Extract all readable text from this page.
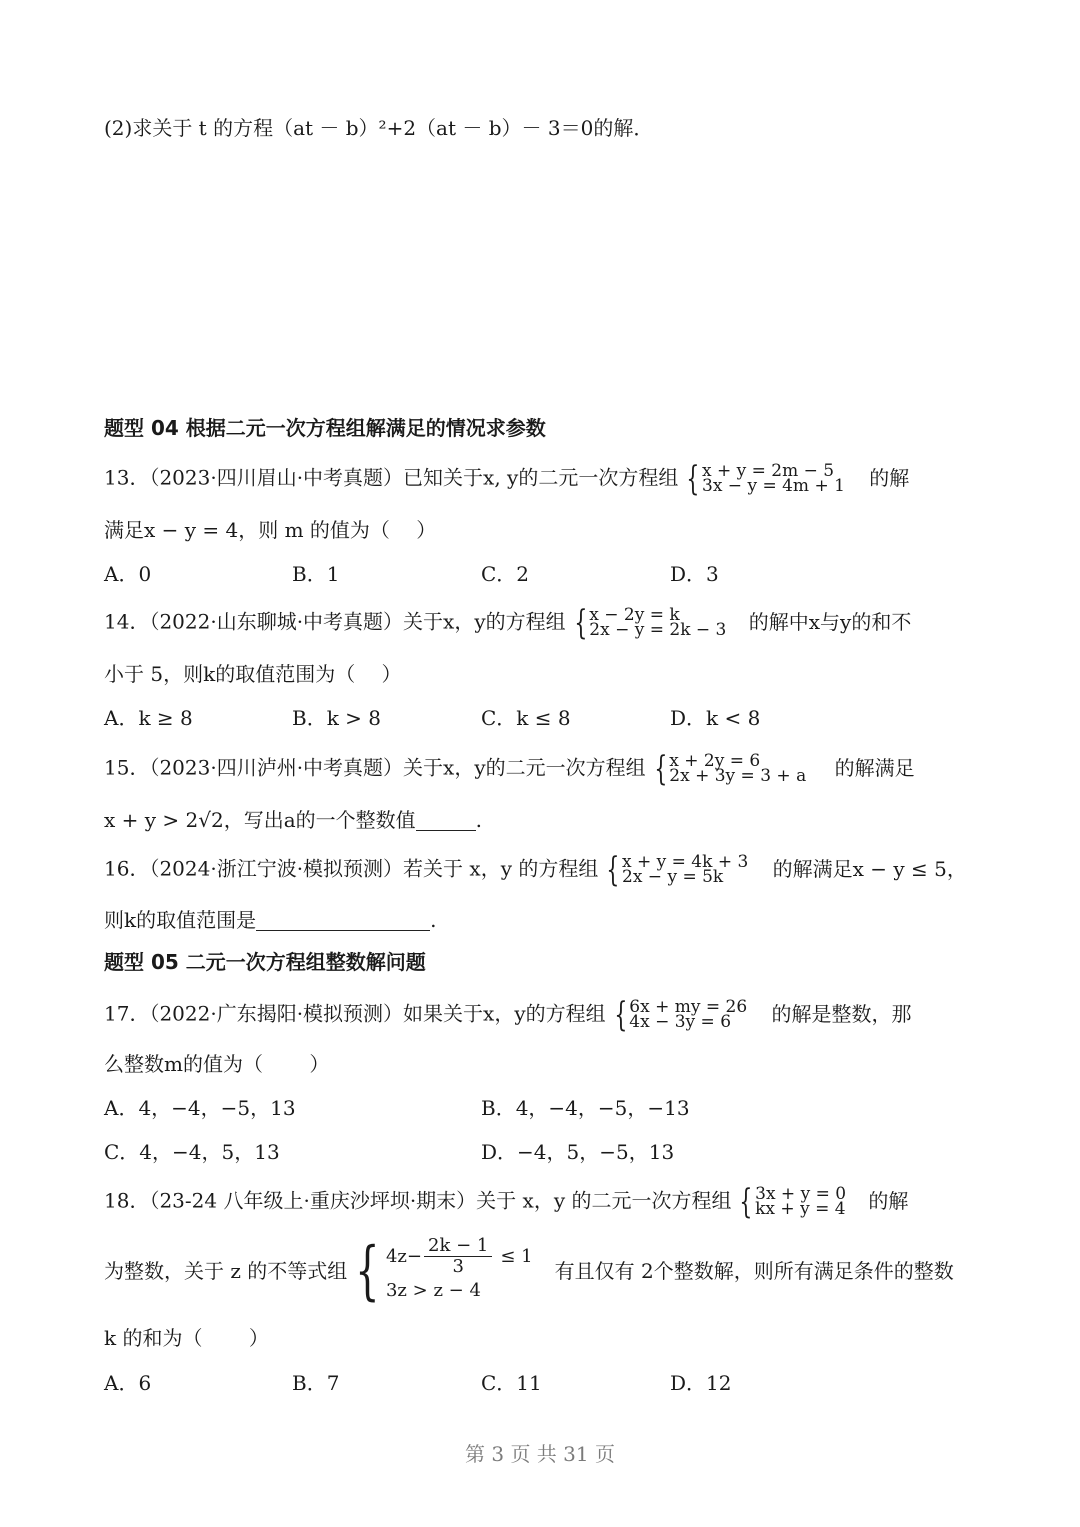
(2)求关于 t 的方程（at － b）²+2（at － b）－ 3＝0的解．
题型 04 根据二元一次方程组解满足的情况求参数
13．（2023·四川眉山·中考真题）已知关于x, y的二元一次方程组 { x + y = 2m − 5
3x − y = 4m + 1 的解
满足x − y = 4，则 m 的值为（　 ）
A．0	B．1	C．2	D．3
14．（2022·山东聊城·中考真题）关于x，y的方程组 { x − 2y = k
2x − y = 2k − 3 的解中x与y的和不
小于 5，则k的取值范围为（　 ）
A．k ≥ 8	B．k > 8	C．k ≤ 8	D．k < 8
15．（2023·四川泸州·中考真题）关于x，y的二元一次方程组 { x + 2y = 6
2x + 3y = 3 + a 的解满足
x + y > 2√2，写出a的一个整数值	.
16．（2024·浙江宁波·模拟预测）若关于 x，y 的方程组 { x + y = 4k + 3
2x − y = 5k	的解满足x − y ≤ 5，
则k的取值范围是	.
题型 05 二元一次方程组整数解问题
17．（2022·广东揭阳·模拟预测）如果关于x，y的方程组 { 6x + my = 26
4x − 3y = 6	的解是整数，那
么整数m的值为（　　 ）
A．4，−4，−5，13	B．4，−4，−5，−13
C．4，−4，5，13	D．−4，5，−5，13
18．（23-24 八年级上·重庆沙坪坝·期末）关于 x，y 的二元一次方程组 { 3x + y = 0
kx + y = 4 的解
为整数，关于 z 的不等式组 { $4z- \frac{2k - 1}{3} \le 1$
3z > z − 4
有且仅有 2个整数解，则所有满足条件的整数
k 的和为（　　 ）
A．6	B．7	C．11	D．12
第 3 页 共 31 页
